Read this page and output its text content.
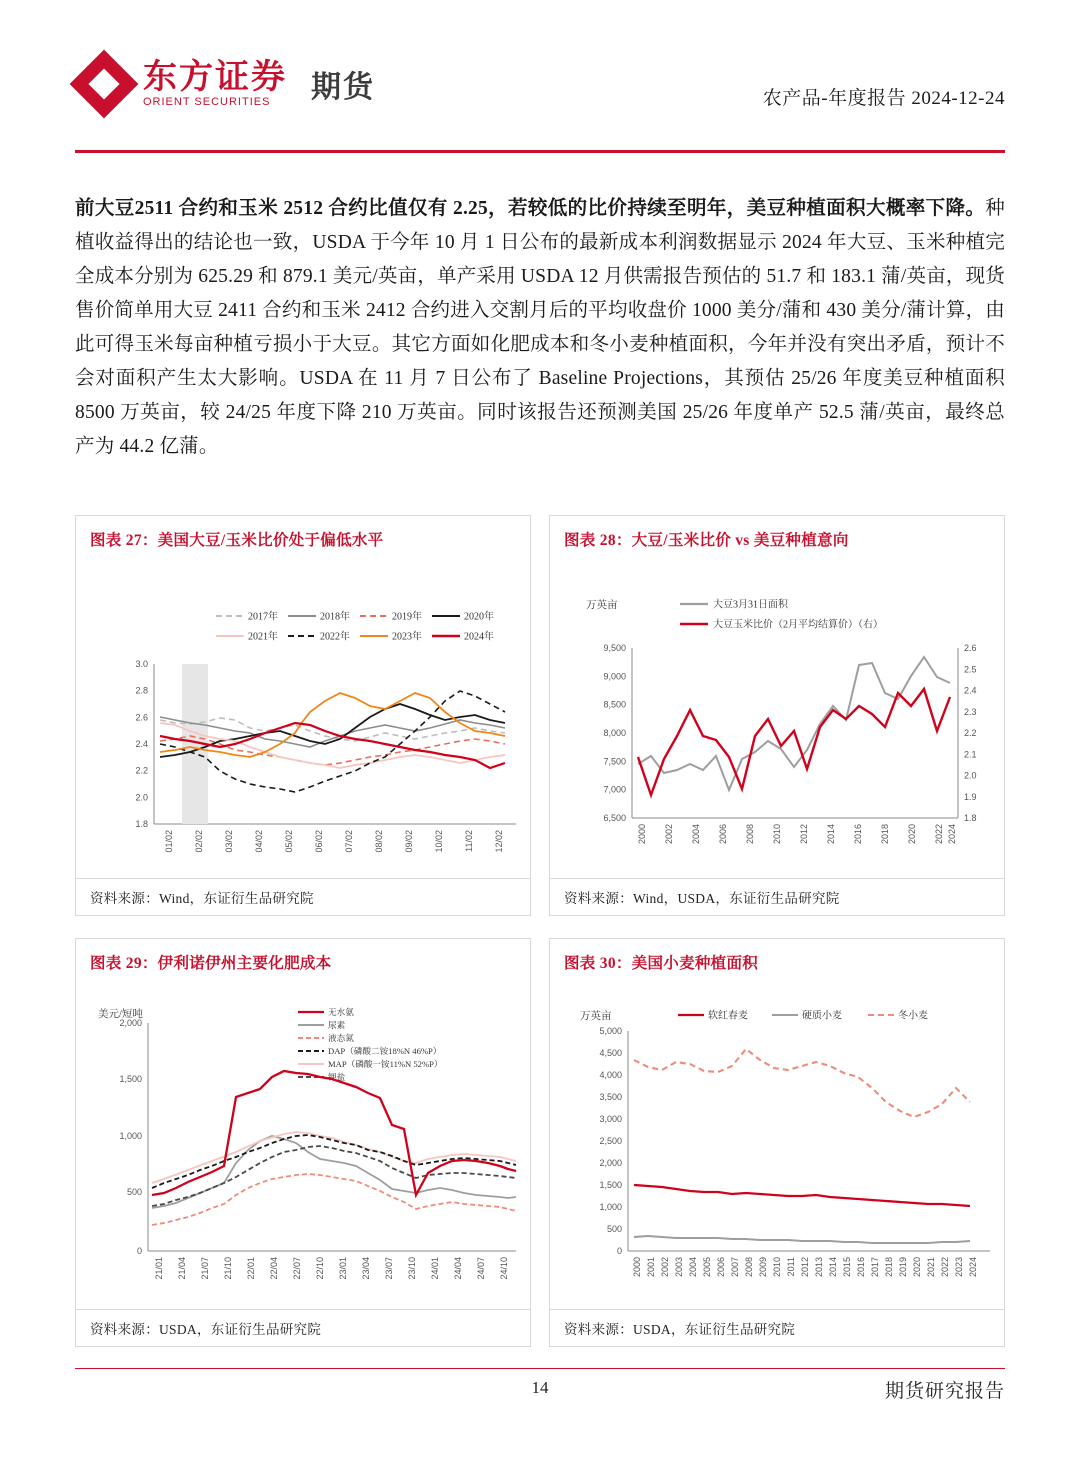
东方证券
ORIENT SECURITIES	期货	农产品-年度报告 2024-12-24
前大豆2511 合约和玉米 2512 合约比值仅有 2.25，若较低的比价持续至明年，美豆种植面积大概率下降。种植收益得出的结论也一致，USDA 于今年 10 月 1 日公布的最新成本利润数据显示 2024 年大豆、玉米种植完全成本分别为 625.29 和 879.1 美元/英亩，单产采用 USDA 12 月供需报告预估的 51.7 和 183.1 蒲/英亩，现货售价简单用大豆 2411 合约和玉米 2412 合约进入交割月后的平均收盘价 1000 美分/蒲和 430 美分/蒲计算，由此可得玉米每亩种植亏损小于大豆。其它方面如化肥成本和冬小麦种植面积，今年并没有突出矛盾，预计不会对面积产生太大影响。USDA 在 11 月 7 日公布了 Baseline Projections，其预估 25/26 年度美豆种植面积 8500 万英亩，较 24/25 年度下降 210 万英亩。同时该报告还预测美国 25/26 年度单产 52.5 蒲/英亩，最终总产为 44.2 亿蒲。
图表 27：美国大豆/玉米比价处于偏低水平
2017年	2018年	2019年	2020年
2021年	2022年	2023年	2024年
3.0
2.8
2.6
2.4
2.2
2.0
1.8
01/02 02/02 03/02 04/02 05/02 06/02 07/02 08/02 09/02 10/02 11/02 12/02
资料来源：Wind，东证衍生品研究院
图表 28：大豆/玉米比价 vs 美豆种植意向
万英亩	大豆3月31日面积
大豆玉米比价（2月平均结算价）（右）
9,500
9,000
8,500
8,000
7,500
7,000
6,500
2.6
2.5
2.4
2.3
2.2
2.1
2.0
1.9
1.8
2000 2002 2004 2006 2008 2010 2012 2014 2016 2018 2020 2022 2024
资料来源：Wind，USDA，东证衍生品研究院
图表 29：伊利诺伊州主要化肥成本
美元/短吨	无水氨
尿素
液态氮
DAP（磷酸二铵18%N 46%P）
MAP（磷酸一铵11%N 52%P）
钾盐
2,000
1,500
1,000
500
0
21/01 21/04 21/07 21/10 22/01 22/04 22/07 22/10 23/01 23/04 23/07 23/10 24/01 24/04 24/07 24/10
资料来源：USDA，东证衍生品研究院
图表 30：美国小麦种植面积
万英亩	软红春麦	硬质小麦	冬小麦
5,000
4,500
4,000
3,500
3,000
2,500
2,000
1,500
1,000
500
0
2000 2001 2002 2003 2004 2005 2006 2007 2008 2009 2010 2011 2012 2013 2014 2015 2016 2017 2018 2019 2020 2021 2022 2023 2024
资料来源：USDA，东证衍生品研究院
14	期货研究报告
